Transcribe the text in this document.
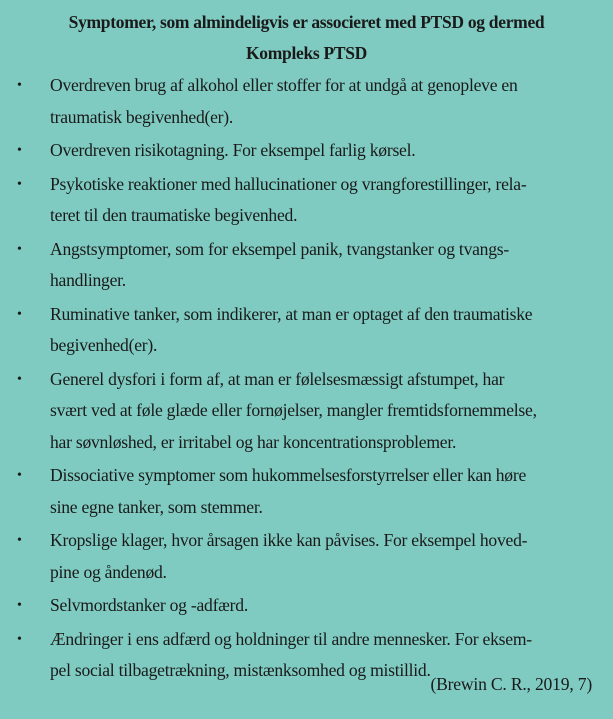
Symptomer, som almindeligvis er associeret med PTSD og dermed
Kompleks PTSD
• Overdreven brug af alkohol eller stoffer for at undgå at genopleve en
traumatisk begivenhed(er).
• Overdreven risikotagning. For eksempel farlig kørsel.
• Psykotiske reaktioner med hallucinationer og vrangforestillinger, rela-
teret til den traumatiske begivenhed.
• Angstsymptomer, som for eksempel panik, tvangstanker og tvangs-
handlinger.
• Ruminative tanker, som indikerer, at man er optaget af den traumatiske
begivenhed(er).
• Generel dysfori i form af, at man er følelsesmæssigt afstumpet, har
svært ved at føle glæde eller fornøjelser, mangler fremtidsfornemmelse,
har søvnløshed, er irritabel og har koncentrationsproblemer.
• Dissociative symptomer som hukommelsesforstyrrelser eller kan høre
sine egne tanker, som stemmer.
• Kropslige klager, hvor årsagen ikke kan påvises. For eksempel hoved-
pine og åndenød.
• Selvmordstanker og -adfærd.
• Ændringer i ens adfærd og holdninger til andre mennesker. For eksem-
pel social tilbagetrækning, mistænksomhed og mistillid.
(Brewin C. R., 2019, 7)
